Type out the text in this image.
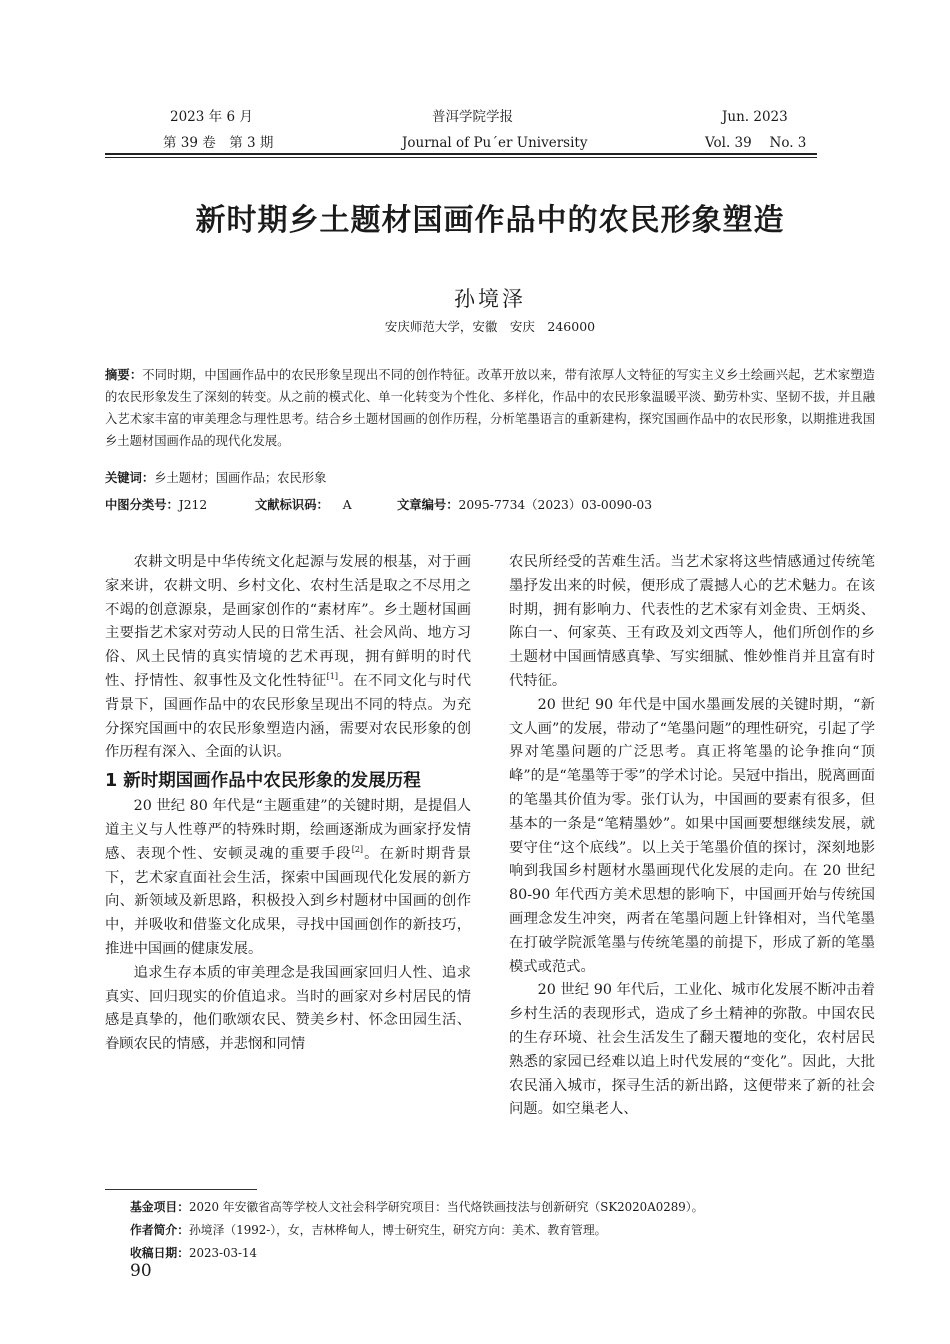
2023 年 6 月
第 39 卷　第 3 期
普洱学院学报
Journal of Pu´er University
Jun. 2023
Vol. 39　 No. 3
新时期乡土题材国画作品中的农民形象塑造
孙境泽
安庆师范大学，安徽　安庆　246000
摘要：不同时期，中国画作品中的农民形象呈现出不同的创作特征。改革开放以来，带有浓厚人文特征的写实主义乡土绘画兴起，艺术家塑造的农民形象发生了深刻的转变。从之前的模式化、单一化转变为个性化、多样化，作品中的农民形象温暖平淡、勤劳朴实、坚韧不拔，并且融入艺术家丰富的审美理念与理性思考。结合乡土题材国画的创作历程，分析笔墨语言的重新建构，探究国画作品中的农民形象，以期推进我国乡土题材国画作品的现代化发展。
关键词：乡土题材；国画作品；农民形象
中图分类号：J212	文献标识码： A	文章编号：2095-7734（2023）03-0090-03

农耕文明是中华传统文化起源与发展的根基，对于画家来讲，农耕文明、乡村文化、农村生活是取之不尽用之不竭的创意源泉，是画家创作的“素材库”。乡土题材国画主要指艺术家对劳动人民的日常生活、社会风尚、地方习俗、风土民情的真实情境的艺术再现，拥有鲜明的时代性、抒情性、叙事性及文化性特征[1]。在不同文化与时代背景下，国画作品中的农民形象呈现出不同的特点。为充分探究国画中的农民形象塑造内涵，需要对农民形象的创作历程有深入、全面的认识。

1 新时期国画作品中农民形象的发展历程

20 世纪 80 年代是“主题重建”的关键时期，是提倡人道主义与人性尊严的特殊时期，绘画逐渐成为画家抒发情感、表现个性、安顿灵魂的重要手段[2]。在新时期背景下，艺术家直面社会生活，探索中国画现代化发展的新方向、新领域及新思路，积极投入到乡村题材中国画的创作中，并吸收和借鉴文化成果，寻找中国画创作的新技巧，推进中国画的健康发展。

追求生存本质的审美理念是我国画家回归人性、追求真实、回归现实的价值追求。当时的画家对乡村居民的情感是真挚的，他们歌颂农民、赞美乡村、怀念田园生活、眷顾农民的情感，并悲悯和同情

农民所经受的苦难生活。当艺术家将这些情感通过传统笔墨抒发出来的时候，便形成了震撼人心的艺术魅力。在该时期，拥有影响力、代表性的艺术家有刘金贵、王炳炎、陈白一、何家英、王有政及刘文西等人，他们所创作的乡土题材中国画情感真挚、写实细腻、惟妙惟肖并且富有时代特征。

20 世纪 90 年代是中国水墨画发展的关键时期，“新文人画”的发展，带动了“笔墨问题”的理性研究，引起了学界对笔墨问题的广泛思考。真正将笔墨的论争推向“顶峰”的是“笔墨等于零”的学术讨论。吴冠中指出，脱离画面的笔墨其价值为零。张仃认为，中国画的要素有很多，但基本的一条是“笔精墨妙”。如果中国画要想继续发展，就要守住“这个底线”。以上关于笔墨价值的探讨，深刻地影响到我国乡村题材水墨画现代化发展的走向。在 20 世纪 80-90 年代西方美术思想的影响下，中国画开始与传统国画理念发生冲突，两者在笔墨问题上针锋相对，当代笔墨在打破学院派笔墨与传统笔墨的前提下，形成了新的笔墨模式或范式。

20 世纪 90 年代后，工业化、城市化发展不断冲击着乡村生活的表现形式，造成了乡土精神的弥散。中国农民的生存环境、社会生活发生了翻天覆地的变化，农村居民熟悉的家园已经难以追上时代发展的“变化”。因此，大批农民涌入城市，探寻生活的新出路，这便带来了新的社会问题。如空巢老人、

基金项目：2020 年安徽省高等学校人文社会科学研究项目：当代烙铁画技法与创新研究（SK2020A0289）。
作者简介：孙境泽（1992-），女，吉林桦甸人，博士研究生，研究方向：美术、教育管理。
收稿日期：2023-03-14
90
